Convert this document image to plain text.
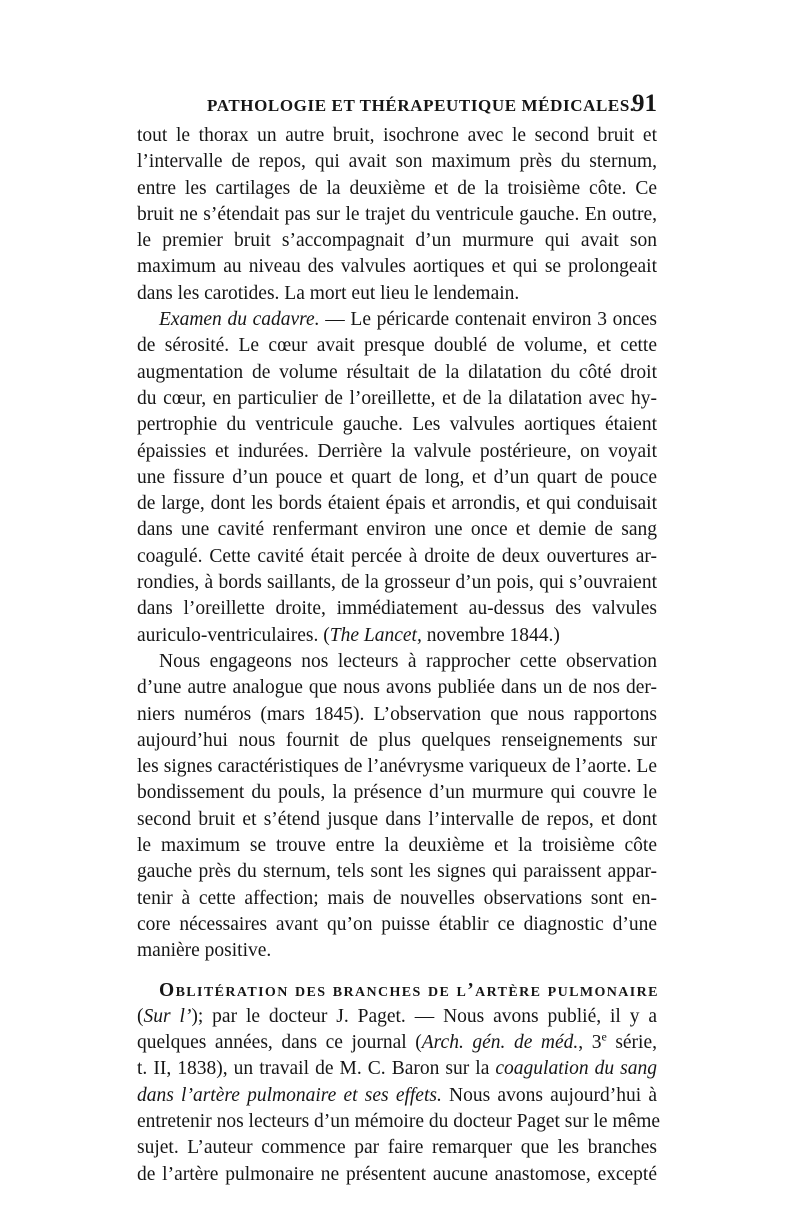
PATHOLOGIE ET THÉRAPEUTIQUE MÉDICALES.
91
tout le thorax un autre bruit, isochrone avec le second bruit et
l’intervalle de repos, qui avait son maximum près du sternum,
entre les cartilages de la deuxième et de la troisième côte. Ce
bruit ne s’étendait pas sur le trajet du ventricule gauche. En outre,
le premier bruit s’accompagnait d’un murmure qui avait son
maximum au niveau des valvules aortiques et qui se prolongeait
dans les carotides. La mort eut lieu le lendemain.
Examen du cadavre. — Le péricarde contenait environ 3 onces
de sérosité. Le cœur avait presque doublé de volume, et cette
augmentation de volume résultait de la dilatation du côté droit
du cœur, en particulier de l’oreillette, et de la dilatation avec hy-
pertrophie du ventricule gauche. Les valvules aortiques étaient
épaissies et indurées. Derrière la valvule postérieure, on voyait
une fissure d’un pouce et quart de long, et d’un quart de pouce
de large, dont les bords étaient épais et arrondis, et qui conduisait
dans une cavité renfermant environ une once et demie de sang
coagulé. Cette cavité était percée à droite de deux ouvertures ar-
rondies, à bords saillants, de la grosseur d’un pois, qui s’ouvraient
dans l’oreillette droite, immédiatement au-dessus des valvules
auriculo-ventriculaires. (The Lancet, novembre 1844.)
Nous engageons nos lecteurs à rapprocher cette observation
d’une autre analogue que nous avons publiée dans un de nos der-
niers numéros (mars 1845). L’observation que nous rapportons
aujourd’hui nous fournit de plus quelques renseignements sur
les signes caractéristiques de l’anévrysme variqueux de l’aorte. Le
bondissement du pouls, la présence d’un murmure qui couvre le
second bruit et s’étend jusque dans l’intervalle de repos, et dont
le maximum se trouve entre la deuxième et la troisième côte
gauche près du sternum, tels sont les signes qui paraissent appar-
tenir à cette affection; mais de nouvelles observations sont en-
core nécessaires avant qu’on puisse établir ce diagnostic d’une
manière positive.
Oblitération des branches de l’artère pulmonaire
(Sur l’); par le docteur J. Paget. — Nous avons publié, il y a
quelques années, dans ce journal (Arch. gén. de méd., 3e série,
t. II, 1838), un travail de M. C. Baron sur la coagulation du sang
dans l’artère pulmonaire et ses effets. Nous avons aujourd’hui à
entretenir nos lecteurs d’un mémoire du docteur Paget sur le même
sujet. L’auteur commence par faire remarquer que les branches
de l’artère pulmonaire ne présentent aucune anastomose, excepté
